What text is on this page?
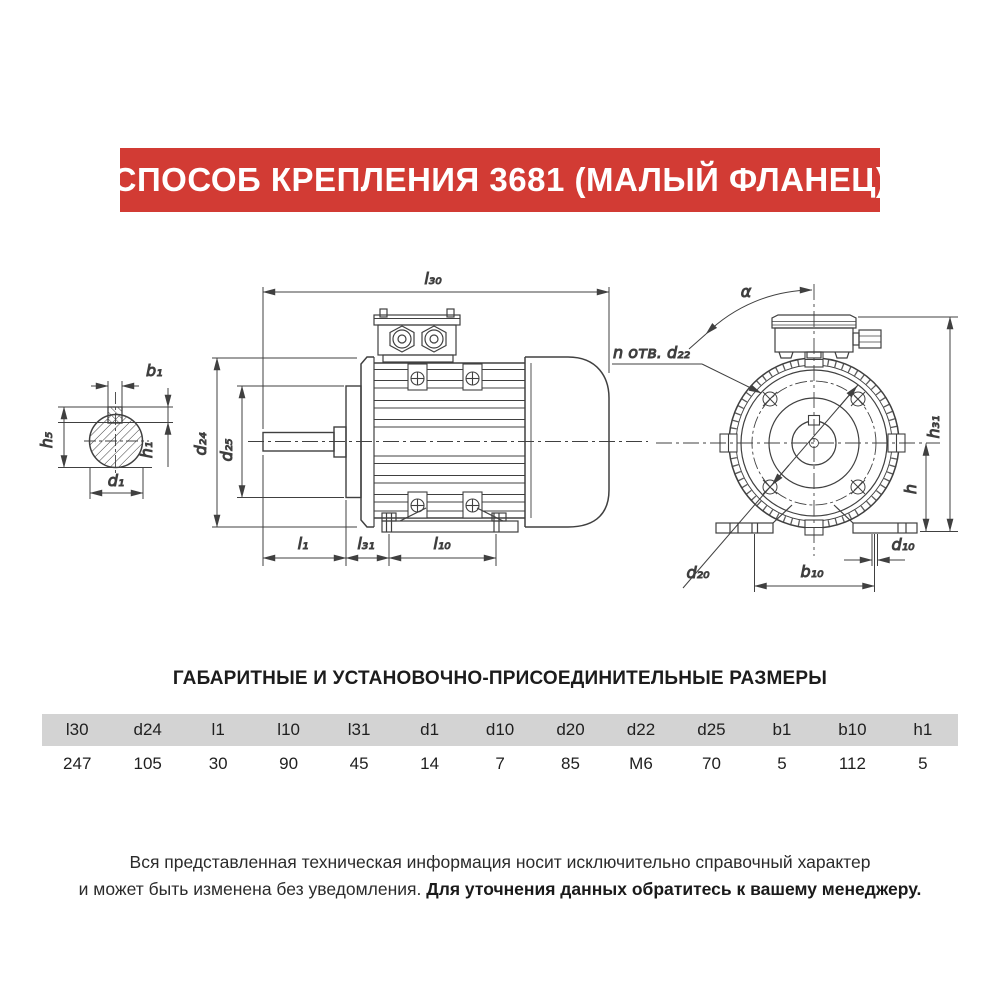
СПОСОБ КРЕПЛЕНИЯ 3681 (МАЛЫЙ ФЛАНЕЦ)
b₁
h₅
h₁
d₁
l₃₀
d₂₄ d₂₅
l₁	l₃₁	l₁₀
α
n отв. d₂₂
d₂₀
h₃₁
h
b₁₀
d₁₀
ГАБАРИТНЫЕ И УСТАНОВОЧНО-ПРИСОЕДИНИТЕЛЬНЫЕ РАЗМЕРЫ
l30	d24	l1	l10	l31	d1	d10	d20	d22	d25	b1	b10	h1
247	105	30	90	45	14	7	85	M6	70	5	112	5
Вся представленная техническая информация носит исключительно справочный характер
и может быть изменена без уведомления. Для уточнения данных обратитесь к вашему менеджеру.
